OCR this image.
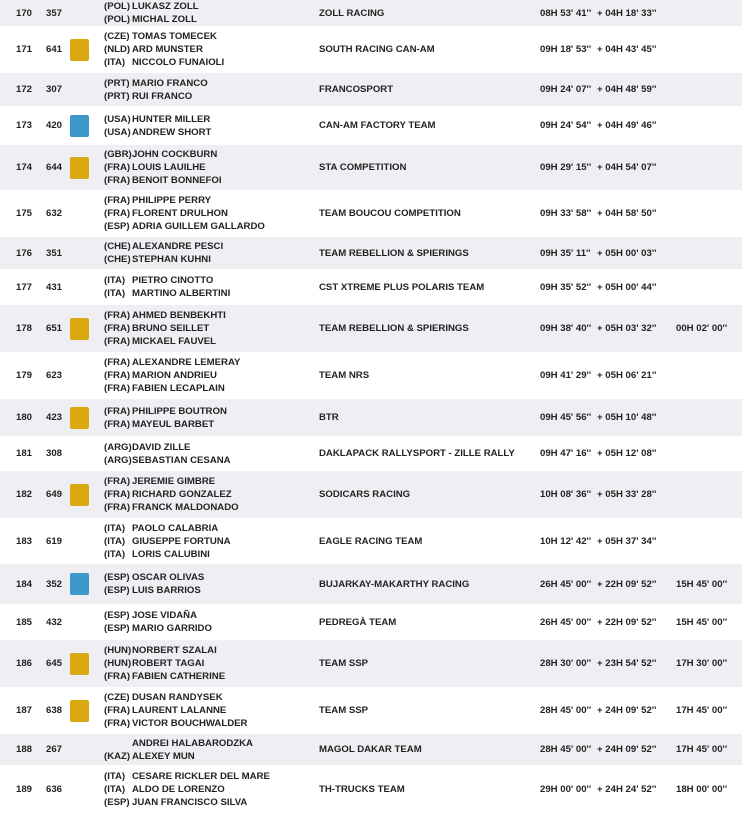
170 357
(POL) LUKASZ ZOLL
(POL) MICHAL ZOLL
ZOLL RACING	08H 53' 41'' + 04H 18' 33''
171 641
(CZE) TOMAS TOMECEK
(NLD) ARD MUNSTER
(ITA) NICCOLO FUNAIOLI
SOUTH RACING CAN-AM	09H 18' 53'' + 04H 43' 45''
172 307
(PRT) MARIO FRANCO
(PRT) RUI FRANCO
FRANCOSPORT	09H 24' 07'' + 04H 48' 59''
173 420
(USA)HUNTER MILLER
(USA)ANDREW SHORT
CAN-AM FACTORY TEAM	09H 24' 54'' + 04H 49' 46''
174 644
(GBR)JOHN COCKBURN
(FRA) LOUIS LAUILHE
(FRA) BENOIT BONNEFOI
STA COMPETITION	09H 29' 15'' + 04H 54' 07''
175 632
(FRA) PHILIPPE PERRY
(FRA) FLORENT DRULHON
(ESP) ADRIA GUILLEM GALLARDO
TEAM BOUCOU COMPETITION	09H 33' 58'' + 04H 58' 50''
176 351
(CHE)ALEXANDRE PESCI
(CHE)STEPHAN KUHNI
TEAM REBELLION & SPIERINGS	09H 35' 11'' + 05H 00' 03''
177 431
(ITA) PIETRO CINOTTO
(ITA) MARTINO ALBERTINI
CST XTREME PLUS POLARIS TEAM	09H 35' 52'' + 05H 00' 44''
178 651
(FRA) AHMED BENBEKHTI
(FRA) BRUNO SEILLET
(FRA) MICKAEL FAUVEL
TEAM REBELLION & SPIERINGS	09H 38' 40'' + 05H 03' 32'' 00H 02' 00''
179 623
(FRA) ALEXANDRE LEMERAY
(FRA) MARION ANDRIEU
(FRA) FABIEN LECAPLAIN
TEAM NRS	09H 41' 29'' + 05H 06' 21''
180 423
(FRA) PHILIPPE BOUTRON
(FRA) MAYEUL BARBET
BTR	09H 45' 56'' + 05H 10' 48''
181 308
(ARG)DAVID ZILLE
(ARG)SEBASTIAN CESANA
DAKLAPACK RALLYSPORT - ZILLE RALLY	09H 47' 16'' + 05H 12' 08''
182 649
(FRA) JEREMIE GIMBRE
(FRA) RICHARD GONZALEZ
(FRA) FRANCK MALDONADO
SODICARS RACING	10H 08' 36'' + 05H 33' 28''
183 619
(ITA) PAOLO CALABRIA
(ITA) GIUSEPPE FORTUNA
(ITA) LORIS CALUBINI
EAGLE RACING TEAM	10H 12' 42'' + 05H 37' 34''
184 352
(ESP) OSCAR OLIVAS
(ESP) LUIS BARRIOS
BUJARKAY-MAKARTHY RACING	26H 45' 00'' + 22H 09' 52'' 15H 45' 00''
185 432
(ESP) JOSE VIDAÑA
(ESP) MARIO GARRIDO
PEDREGÀ TEAM	26H 45' 00'' + 22H 09' 52'' 15H 45' 00''
186 645
(HUN)NORBERT SZALAI
(HUN)ROBERT TAGAI
(FRA) FABIEN CATHERINE
TEAM SSP	28H 30' 00'' + 23H 54' 52'' 17H 30' 00''
187 638
(CZE) DUSAN RANDYSEK
(FRA) LAURENT LALANNE
(FRA) VICTOR BOUCHWALDER
TEAM SSP	28H 45' 00'' + 24H 09' 52'' 17H 45' 00''
188 267
ANDREI HALABARODZKA
(KAZ) ALEXEY MUN
MAGOL DAKAR TEAM	28H 45' 00'' + 24H 09' 52'' 17H 45' 00''
189 636
(ITA) CESARE RICKLER DEL MARE
(ITA) ALDO DE LORENZO
(ESP) JUAN FRANCISCO SILVA
TH-TRUCKS TEAM	29H 00' 00'' + 24H 24' 52'' 18H 00' 00''
